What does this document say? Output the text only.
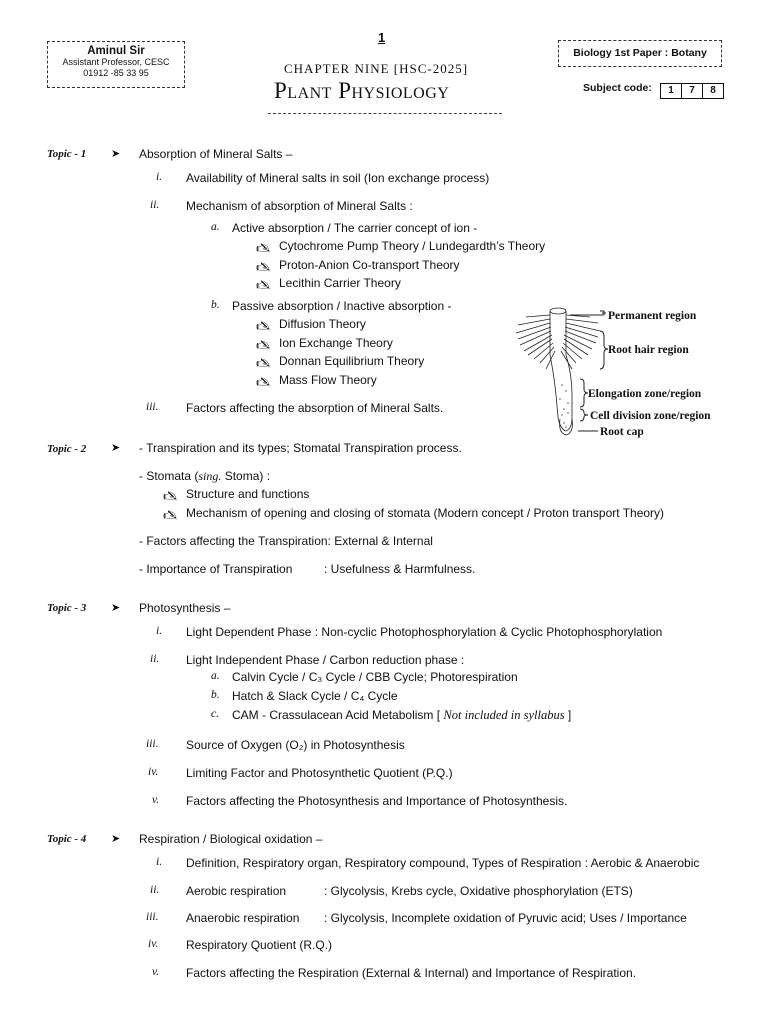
1
Aminul Sir
Assistant Professor, CESC
01912 -85 33 95
Biology 1st Paper : Botany
CHAPTER NINE [HSC-2025]
Plant Physiology	Subject code:	1	7	8
Topic - 1 ➤ Absorption of Mineral Salts –
i. Availability of Mineral salts in soil (Ion exchange process)
ii. Mechanism of absorption of Mineral Salts :
a. Active absorption / The carrier concept of ion -
🖎 Cytochrome Pump Theory / Lundegardth’s Theory
🖎 Proton-Anion Co-transport Theory
🖎 Lecithin Carrier Theory
b. Passive absorption / Inactive absorption -
🖎 Diffusion Theory
🖎 Ion Exchange Theory
🖎 Donnan Equilibrium Theory
🖎 Mass Flow Theory
iii. Factors affecting the absorption of Mineral Salts.
Permanent region
Root hair region
Elongation zone/region
Cell division zone/region
Root cap
Topic - 2 ➤ - Transpiration and its types; Stomatal Transpiration process.
- Stomata (sing. Stoma) :
🖎 Structure and functions
🖎 Mechanism of opening and closing of stomata (Modern concept / Proton transport Theory)
- Factors affecting the Transpiration: External & Internal
- Importance of Transpiration	: Usefulness & Harmfulness.
Topic - 3 ➤ Photosynthesis –
i. Light Dependent Phase : Non-cyclic Photophosphorylation & Cyclic Photophosphorylation
ii. Light Independent Phase / Carbon reduction phase :
a. Calvin Cycle / C₃ Cycle / CBB Cycle; Photorespiration
b. Hatch & Slack Cycle / C₄ Cycle
c. CAM - Crassulacean Acid Metabolism [ Not included in syllabus ]
iii. Source of Oxygen (O₂) in Photosynthesis
iv. Limiting Factor and Photosynthetic Quotient (P.Q.)
v. Factors affecting the Photosynthesis and Importance of Photosynthesis.
Topic - 4 ➤ Respiration / Biological oxidation –
i. Definition, Respiratory organ, Respiratory compound, Types of Respiration : Aerobic & Anaerobic
ii. Aerobic respiration	: Glycolysis, Krebs cycle, Oxidative phosphorylation (ETS)
iii. Anaerobic respiration : Glycolysis, Incomplete oxidation of Pyruvic acid; Uses / Importance
iv. Respiratory Quotient (R.Q.)
v. Factors affecting the Respiration (External & Internal) and Importance of Respiration.
